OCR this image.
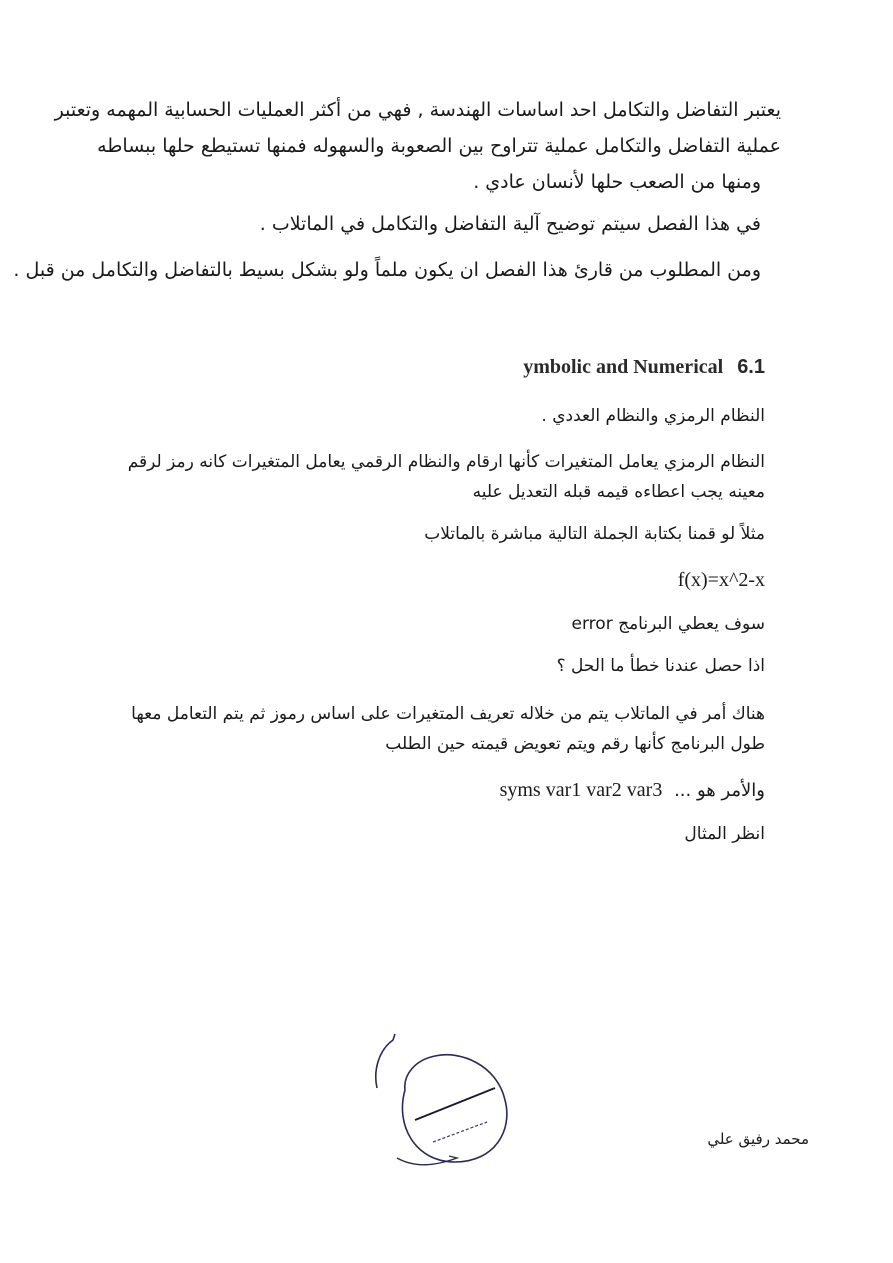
يعتبر التفاضل والتكامل احد اساسات الهندسة , فهي من أكثر العمليات الحسابية المهمه وتعتبر
عملية التفاضل والتكامل عملية تتراوح بين الصعوبة والسهوله فمنها تستيطع حلها ببساطه
ومنها من الصعب حلها لأنسان عادي .
في هذا الفصل سيتم توضيح آلية التفاضل والتكامل في الماتلاب .
ومن المطلوب من قارئ هذا الفصل ان يكون ملماً ولو بشكل بسيط بالتفاضل والتكامل من قبل .
ymbolic and Numerical 6.1
النظام الرمزي والنظام العددي .
النظام الرمزي يعامل المتغيرات كأنها ارقام والنظام الرقمي يعامل المتغيرات كانه رمز لرقم
معينه يجب اعطاءه قيمه قبله التعديل عليه
مثلاً لو قمنا بكتابة الجملة التالية مباشرة بالماتلاب
f(x)=x^2-x
سوف يعطي البرنامج error
اذا حصل عندنا خطأ ما الحل ؟
هناك أمر في الماتلاب يتم من خلاله تعريف المتغيرات على اساس رموز ثم يتم التعامل معها
طول البرنامج كأنها رقم ويتم تعويض قيمته حين الطلب
والأمر هو ... syms var1 var2 var3
انظر المثال
محمد رفيق علي
